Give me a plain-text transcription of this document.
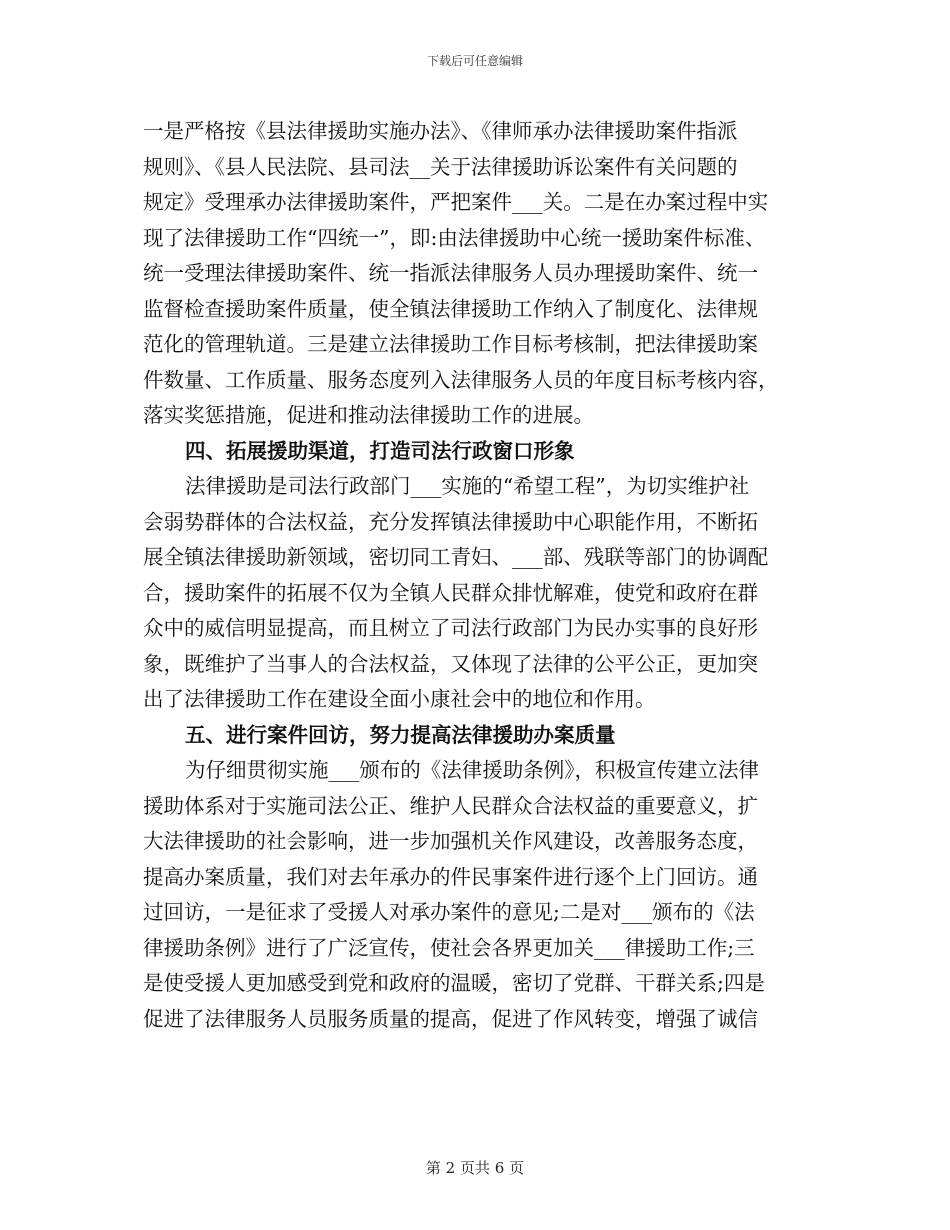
下载后可任意编辑
一是严格按《县法律援助实施办法》、《律师承办法律援助案件指派
规则》、《县人民法院、县司法__关于法律援助诉讼案件有关问题的
规定》受理承办法律援助案件，严把案件___关。二是在办案过程中实
现了法律援助工作“四统一”，即:由法律援助中心统一援助案件标准、
统一受理法律援助案件、统一指派法律服务人员办理援助案件、统一
监督检查援助案件质量，使全镇法律援助工作纳入了制度化、法律规
范化的管理轨道。三是建立法律援助工作目标考核制，把法律援助案
件数量、工作质量、服务态度列入法律服务人员的年度目标考核内容，
落实奖惩措施，促进和推动法律援助工作的进展。
四、拓展援助渠道，打造司法行政窗口形象
法律援助是司法行政部门___实施的“希望工程”，为切实维护社
会弱势群体的合法权益，充分发挥镇法律援助中心职能作用，不断拓
展全镇法律援助新领域，密切同工青妇、___部、残联等部门的协调配
合，援助案件的拓展不仅为全镇人民群众排忧解难，使党和政府在群
众中的威信明显提高，而且树立了司法行政部门为民办实事的良好形
象，既维护了当事人的合法权益，又体现了法律的公平公正，更加突
出了法律援助工作在建设全面小康社会中的地位和作用。
五、进行案件回访，努力提高法律援助办案质量
为仔细贯彻实施___颁布的《法律援助条例》，积极宣传建立法律
援助体系对于实施司法公正、维护人民群众合法权益的重要意义，扩
大法律援助的社会影响，进一步加强机关作风建设，改善服务态度，
提高办案质量，我们对去年承办的件民事案件进行逐个上门回访。通
过回访，一是征求了受援人对承办案件的意见;二是对___颁布的《法
律援助条例》进行了广泛宣传，使社会各界更加关___律援助工作;三
是使受援人更加感受到党和政府的温暖，密切了党群、干群关系;四是
促进了法律服务人员服务质量的提高，促进了作风转变，增强了诚信
第 2 页共 6 页
